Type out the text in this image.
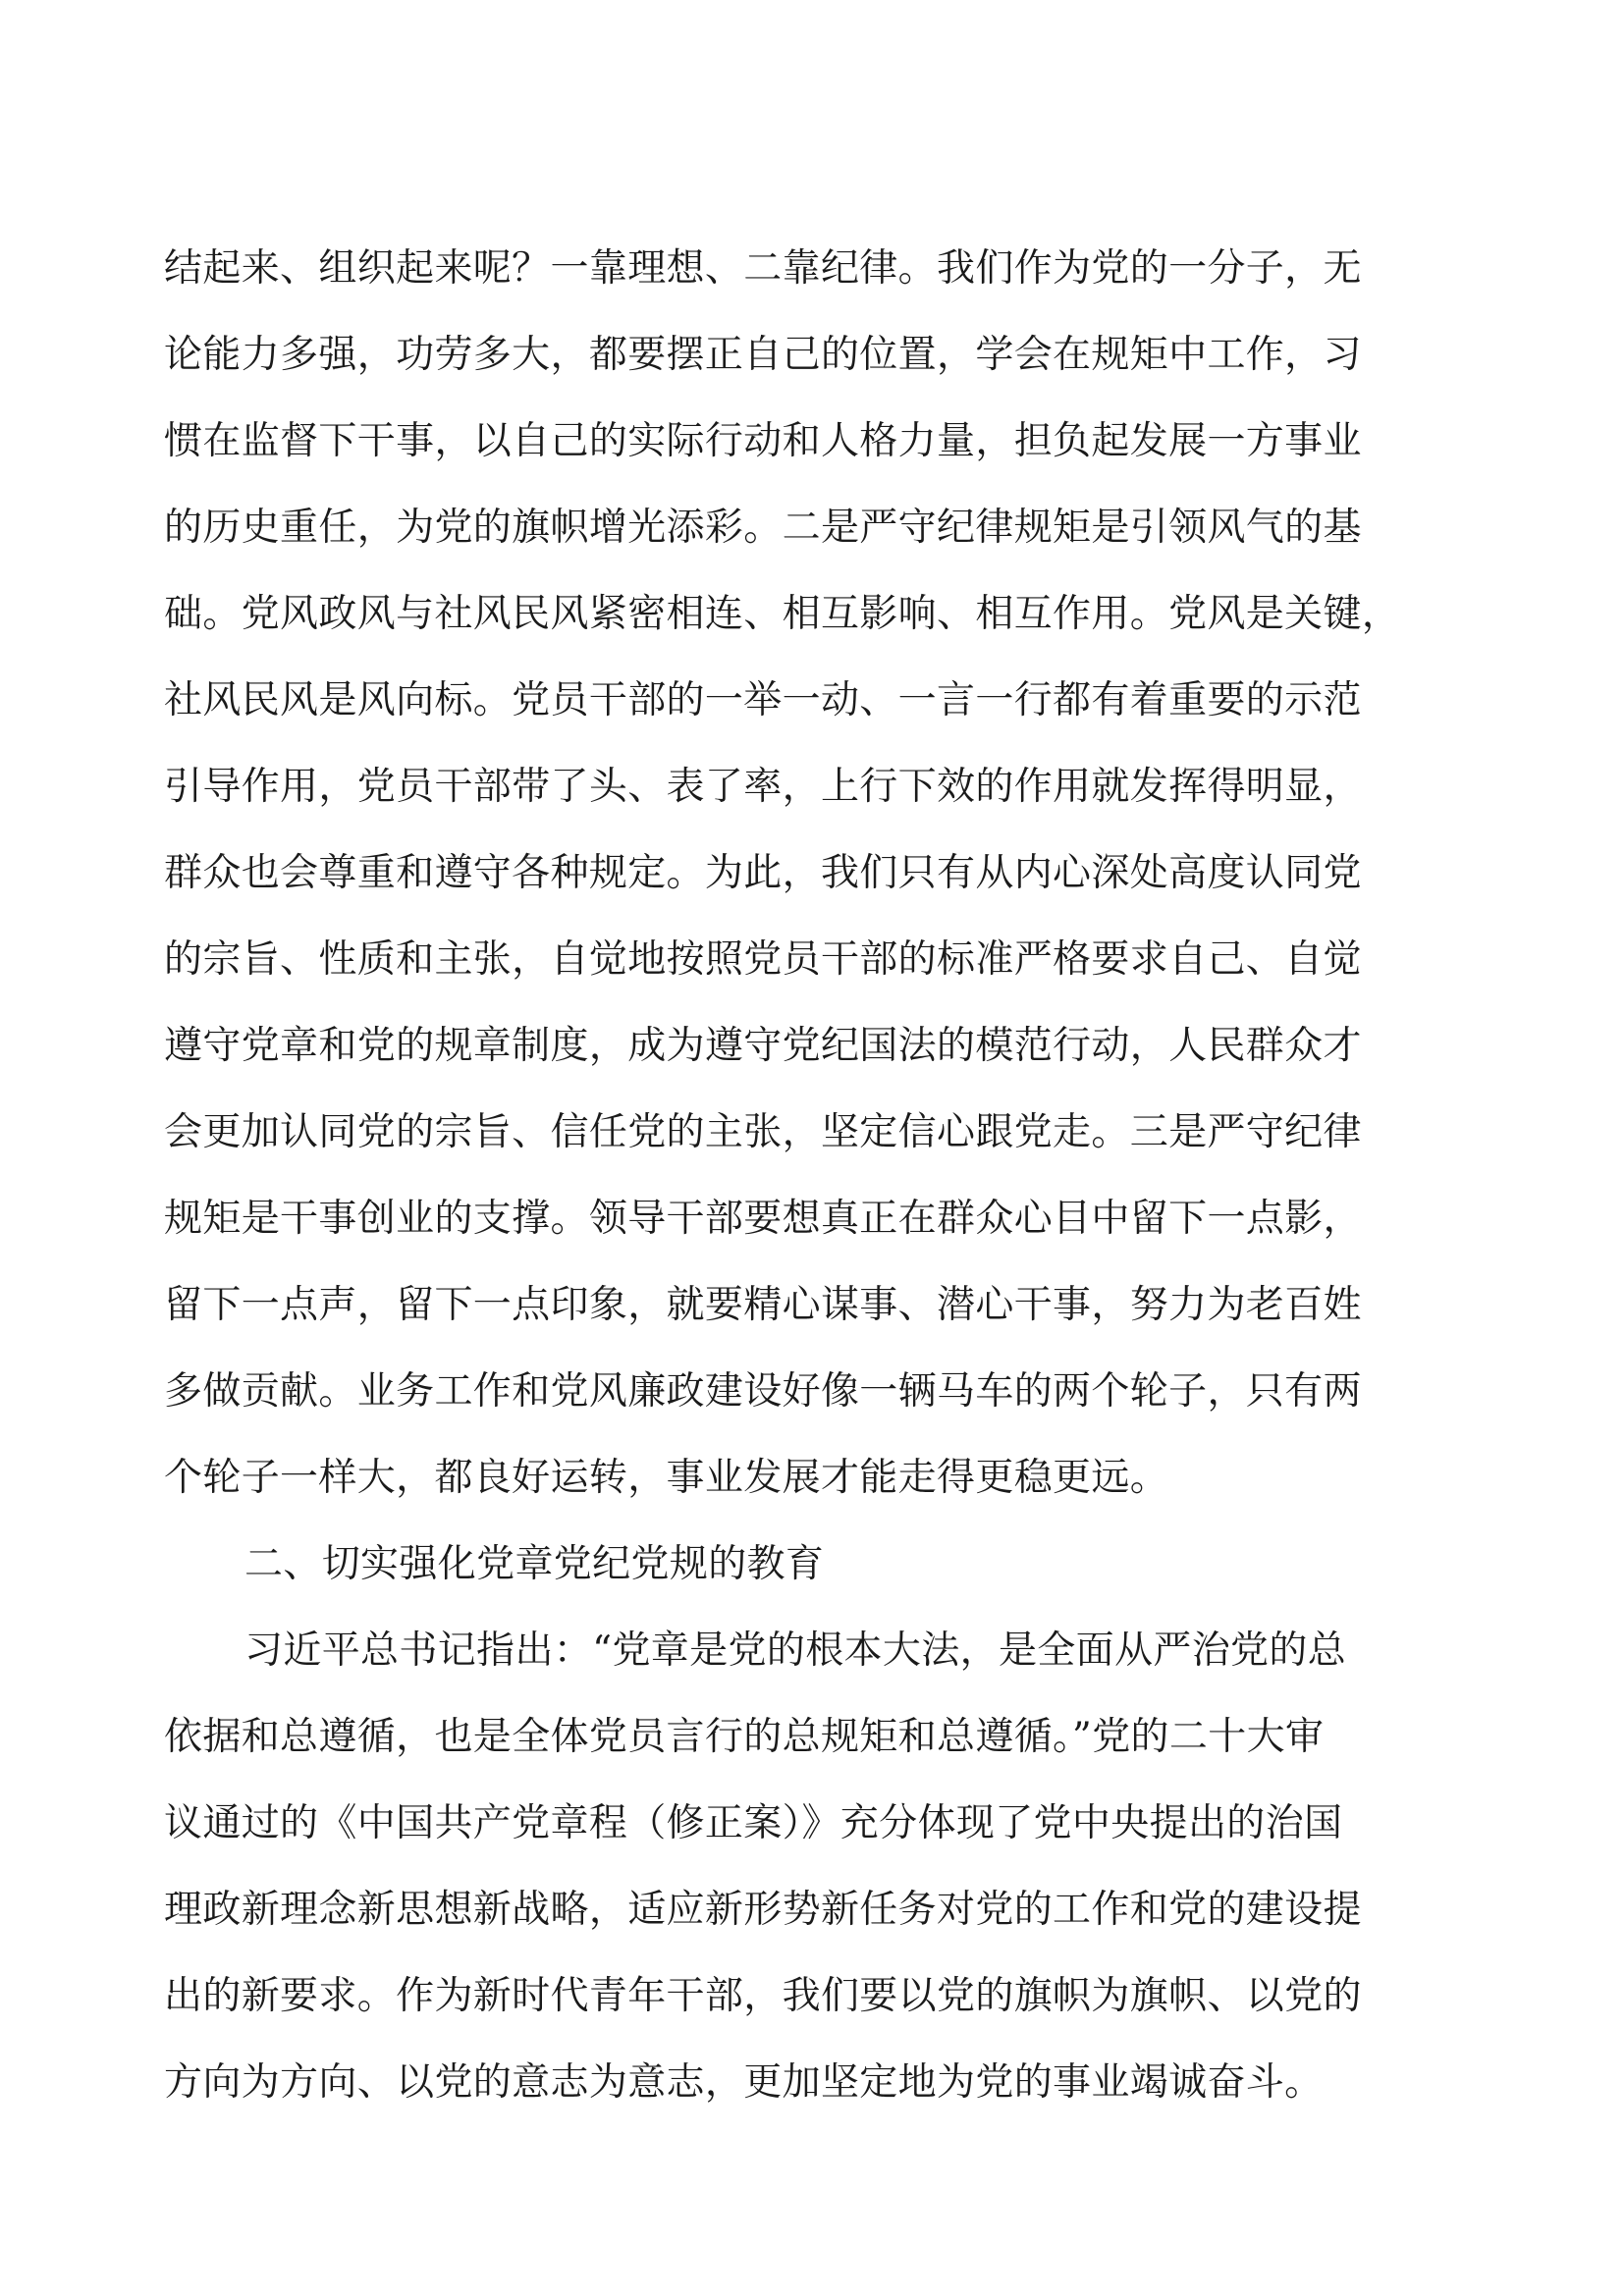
结起来、组织起来呢？一靠理想、二靠纪律。我们作为党的一分子，无
论能力多强，功劳多大，都要摆正自己的位置，学会在规矩中工作，习
惯在监督下干事，以自己的实际行动和人格力量，担负起发展一方事业
的历史重任，为党的旗帜增光添彩。二是严守纪律规矩是引领风气的基
础。党风政风与社风民风紧密相连、相互影响、相互作用。党风是关键，
社风民风是风向标。党员干部的一举一动、一言一行都有着重要的示范
引导作用，党员干部带了头、表了率，上行下效的作用就发挥得明显，
群众也会尊重和遵守各种规定。为此，我们只有从内心深处高度认同党
的宗旨、性质和主张，自觉地按照党员干部的标准严格要求自己、自觉
遵守党章和党的规章制度，成为遵守党纪国法的模范行动，人民群众才
会更加认同党的宗旨、信任党的主张，坚定信心跟党走。三是严守纪律
规矩是干事创业的支撑。领导干部要想真正在群众心目中留下一点影，
留下一点声，留下一点印象，就要精心谋事、潜心干事，努力为老百姓
多做贡献。业务工作和党风廉政建设好像一辆马车的两个轮子，只有两
个轮子一样大，都良好运转，事业发展才能走得更稳更远。
二、切实强化党章党纪党规的教育
习近平总书记指出：“党章是党的根本大法，是全面从严治党的总
依据和总遵循，也是全体党员言行的总规矩和总遵循。”党的二十大审
议通过的《中国共产党章程（修正案）》充分体现了党中央提出的治国
理政新理念新思想新战略，适应新形势新任务对党的工作和党的建设提
出的新要求。作为新时代青年干部，我们要以党的旗帜为旗帜、以党的
方向为方向、以党的意志为意志，更加坚定地为党的事业竭诚奋斗。
